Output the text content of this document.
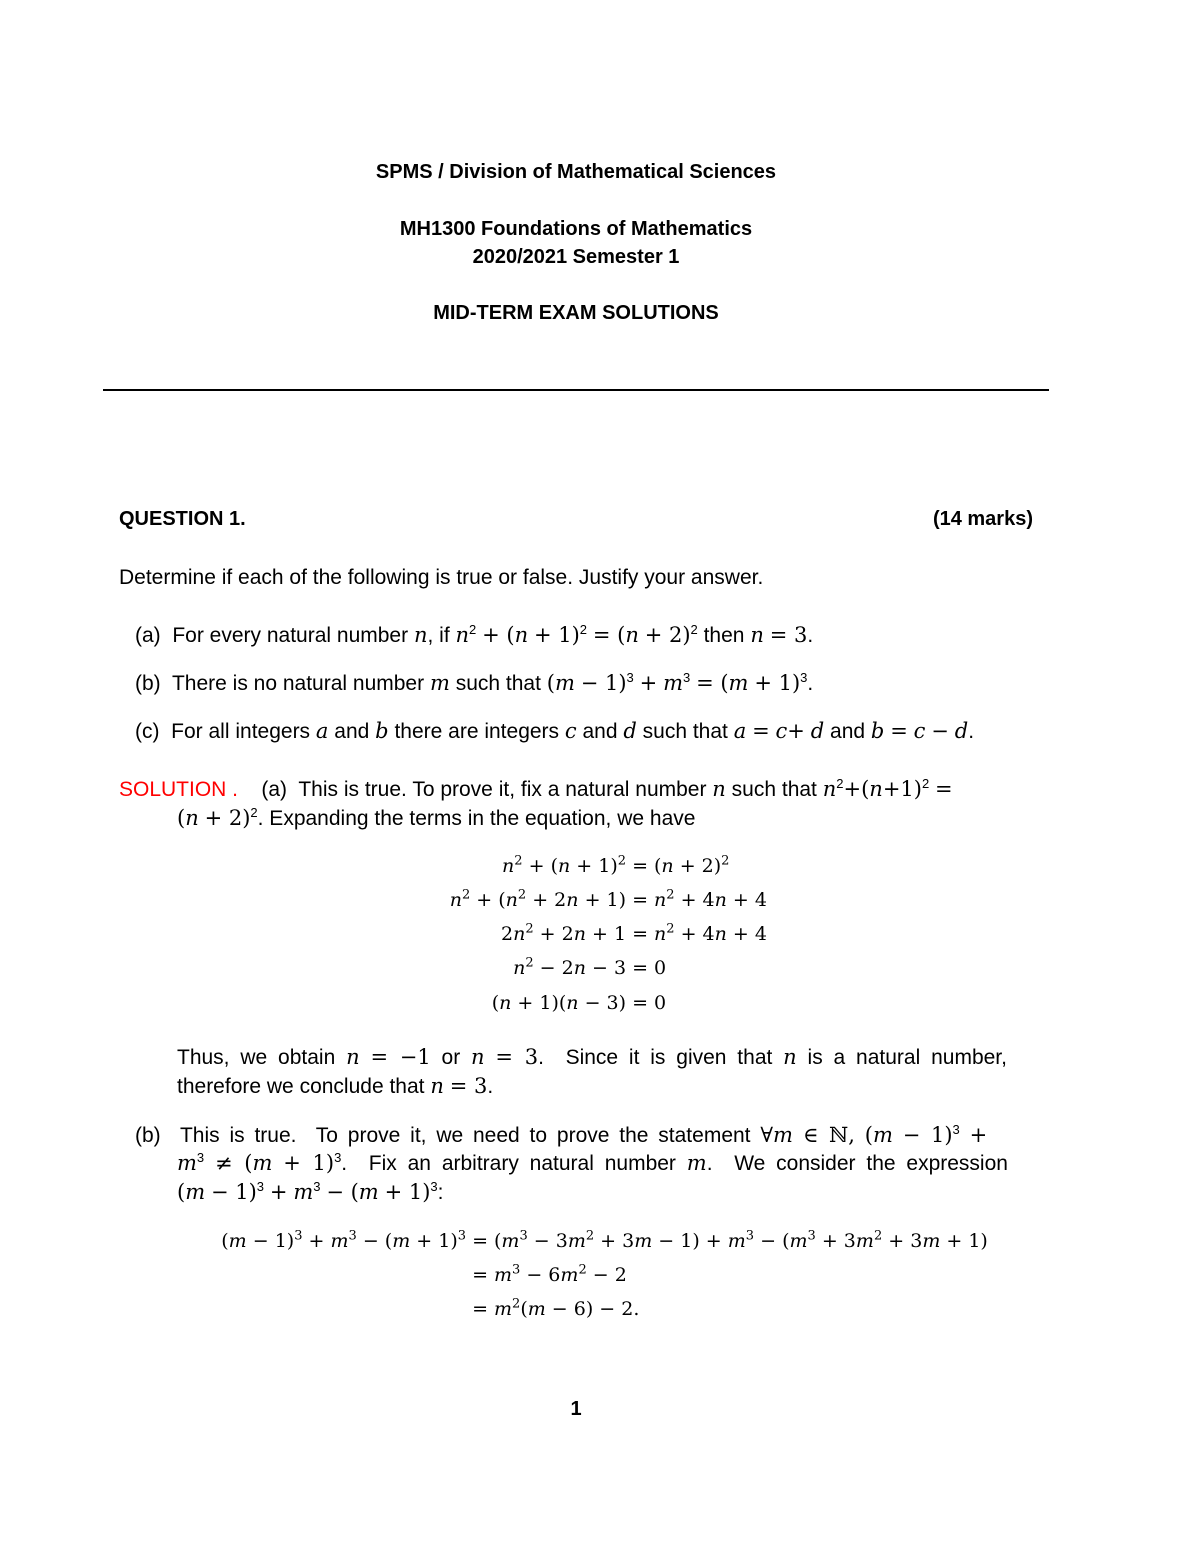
SPMS / Division of Mathematical Sciences
MH1300 Foundations of Mathematics
2020/2021 Semester 1
MID-TERM EXAM SOLUTIONS
QUESTION 1.	(14 marks)
Determine if each of the following is true or false. Justify your answer.
(a)  For every natural number n, if $n^2 + (n + 1)^2 = (n + 2)^2$ then n = 3.
(b)  There is no natural number m such that $(m - 1)^3 + m^3 = (m + 1)^3$.
(c)  For all integers a and b there are integers c and d such that a = c+ d and b = c − d.
SOLUTION . (a)  This is true. To prove it, fix a natural number n such that $n^2+(n+1)^2$ =
$(n + 2)^2$. Expanding the terms in the equation, we have
$n^2 + (n + 1)^2 = (n + 2)^2$
$n^2 + (n^2 + 2n + 1) = n^2 + 4n + 4$
$2n^2 + 2n + 1 = n^2 + 4n + 4$
$n^2 - 2n - 3 = 0$
(n + 1)(n − 3) = 0
Thus, we obtain n = −1 or n = 3.  Since it is given that n is a natural number,
therefore we conclude that n = 3.
(b)  This is true.  To prove it, we need to prove the statement ∀m ∈ ℕ, $(m - 1)^3$ +
$m^3 \ne (m + 1)^3$.  Fix an arbitrary natural number m.  We consider the expression
$(m - 1)^3 + m^3 - (m + 1)^3$:
$(m - 1)^3 + m^3 - (m + 1)^3 = (m^3 - 3m^2 + 3m - 1) + m^3 - (m^3 + 3m^2 + 3m + 1)$
= $m^3 - 6m^2 - 2$
= $m^2(m - 6) - 2$.
1
